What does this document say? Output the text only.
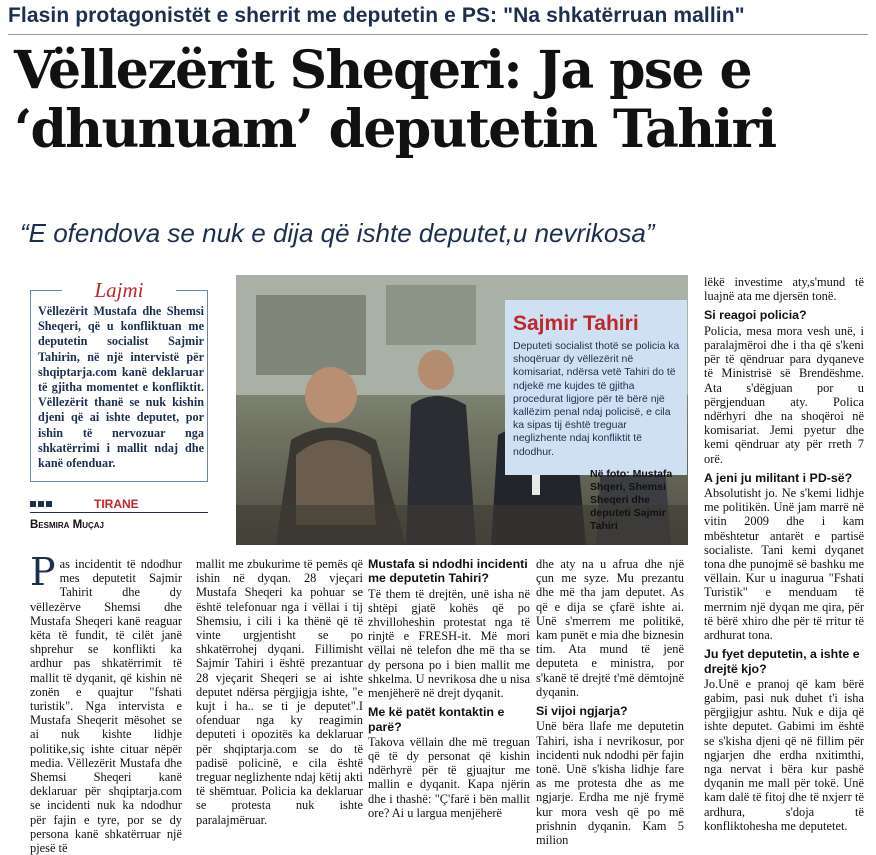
Flasin protagonistët e sherrit me deputetin e PS: "Na shkatërruan mallin"
Vëllezërit Sheqeri: Ja pse e
‘dhunuam’ deputetin Tahiri
“E ofendova se nuk e dija që ishte deputet,u nevrikosa”
Lajmi
Vëllezërit Mustafa dhe Shemsi Sheqeri, që u konfliktuan me deputetin socialist Sajmir Tahirin, në një intervistë për shqiptarja.com kanë deklaruar të gjitha momentet e konfliktit. Vëllezërit thanë se nuk kishin djeni që ai ishte deputet, por ishin të nervozuar nga shkatërrimi i mallit ndaj dhe kanë ofenduar.
TIRANE
Besmira Muçaj
Sajmir Tahiri
Deputeti socialist thotë se policia ka shoqëruar dy vëllezërit në komisariat, ndërsa vetë Tahiri do të ndjekë me kujdes të gjitha procedurat ligjore për të bërë një kallëzim penal ndaj policisë, e cila ka sipas tij është treguar neglizhente ndaj konfliktit të ndodhur.
Në foto: Mustafa Shqeri, Shemsi Sheqeri dhe deputeti Sajmir Tahiri

Pas incidentit të ndodhur mes deputetit Sajmir Tahirit dhe dy vëllezërve Shemsi dhe Mustafa Sheqeri kanë reaguar këta të fundit, të cilët janë shprehur se konflikti ka ardhur pas shkatërrimit të mallit të dyqanit, që kishin në zonën e quajtur "fshati turistik". Nga intervista e Mustafa Sheqerit mësohet se ai nuk kishte lidhje politike,siç ishte cituar nëpër media. Vëllezërit Mustafa dhe Shemsi Sheqeri kanë deklaruar për shqiptarja.com se incidenti nuk ka ndodhur për fajin e tyre, por se dy persona kanë shkatërruar një pjesë të

mallit me zbukurime të pemës që ishin në dyqan. 28 vjeçari Mustafa Sheqeri ka pohuar se është telefonuar nga i vëllai i tij Shemsiu, i cili i ka thënë që të vinte urgjentisht se po shkatërrohej dyqani. Fillimisht Sajmir Tahiri i është prezantuar 28 vjeçarit Sheqeri se ai ishte deputet ndërsa përgjigja ishte, "e kujt i ha.. se ti je deputet".I ofenduar nga ky reagimin deputeti i opozitës ka deklaruar për shqiptarja.com se do të padisë policinë, e cila është treguar neglizhente ndaj këtij akti të shëmtuar. Policia ka deklaruar se protesta nuk ishte paralajmëruar.

Mustafa si ndodhi incidenti me deputetin Tahiri?

Të them të drejtën, unë isha në shtëpi gjatë kohës që po zhvilloheshin protestat nga të rinjtë e FRESH-it. Më mori vëllai në telefon dhe më tha se dy persona po i bien mallit me shkelma. U nevrikosa dhe u nisa menjëherë në drejt dyqanit.

Me kë patët kontaktin e parë?

Takova vëllain dhe më treguan që të dy personat që kishin ndërhyrë për të gjuajtur me mallin e dyqanit. Kapa njërin dhe i thashë: "Ç'farë i bën mallit ore? Ai u largua menjëherë

dhe aty na u afrua dhe një çun me syze. Mu prezantu dhe më tha jam deputet. As që e dija se çfarë ishte ai. Unë s'merrem me politikë, kam punët e mia dhe biznesin tim. Ata mund të jenë deputeta e ministra, por s'kanë të drejtë t'më dëmtojnë dyqanin.

Si vijoi ngjarja?

Unë bëra llafe me deputetin Tahiri, isha i nevrikosur, por incidenti nuk ndodhi për fajin tonë. Unë s'kisha lidhje fare as me protesta dhe as me ngjarje. Erdha me një frymë kur mora vesh që po më prishnin dyqanin. Kam 5 milion

lëkë investime aty,s'mund të luajnë ata me djersën tonë.

Si reagoi policia?

Policia, mesa mora vesh unë, i paralajmëroi dhe i tha që s'keni për të qëndruar para dyqaneve të Ministrisë së Brendëshme. Ata s'dëgjuan por u përgjenduan aty. Polica ndërhyri dhe na shoqëroi në komisariat. Jemi pyetur dhe kemi qëndruar aty për rreth 7 orë.

A jeni ju militant i PD-së?

Absolutisht jo. Ne s'kemi lidhje me politikën. Unë jam marrë në vitin 2009 dhe i kam mbështetur antarët e partisë socialiste. Tani kemi dyqanet tona dhe punojmë së bashku me vëllain. Kur u inagurua "Fshati Turistik" e menduam të merrnim një dyqan me qira, për të bërë xhiro dhe për të rritur të ardhurat tona.

Ju fyet deputetin, a ishte e drejtë kjo?

Jo.Unë e pranoj që kam bërë gabim, pasi nuk duhet t'i isha përgjigjur ashtu. Nuk e dija që ishte deputet. Gabimi im është se s'kisha djeni që në fillim për ngjarjen dhe erdha nxitimthi, nga nervat i bëra kur pashë dyqanin me mall për tokë. Unë kam dalë të fitoj dhe të nxjerr të ardhura, s'doja të konfliktohesha me deputetet.
